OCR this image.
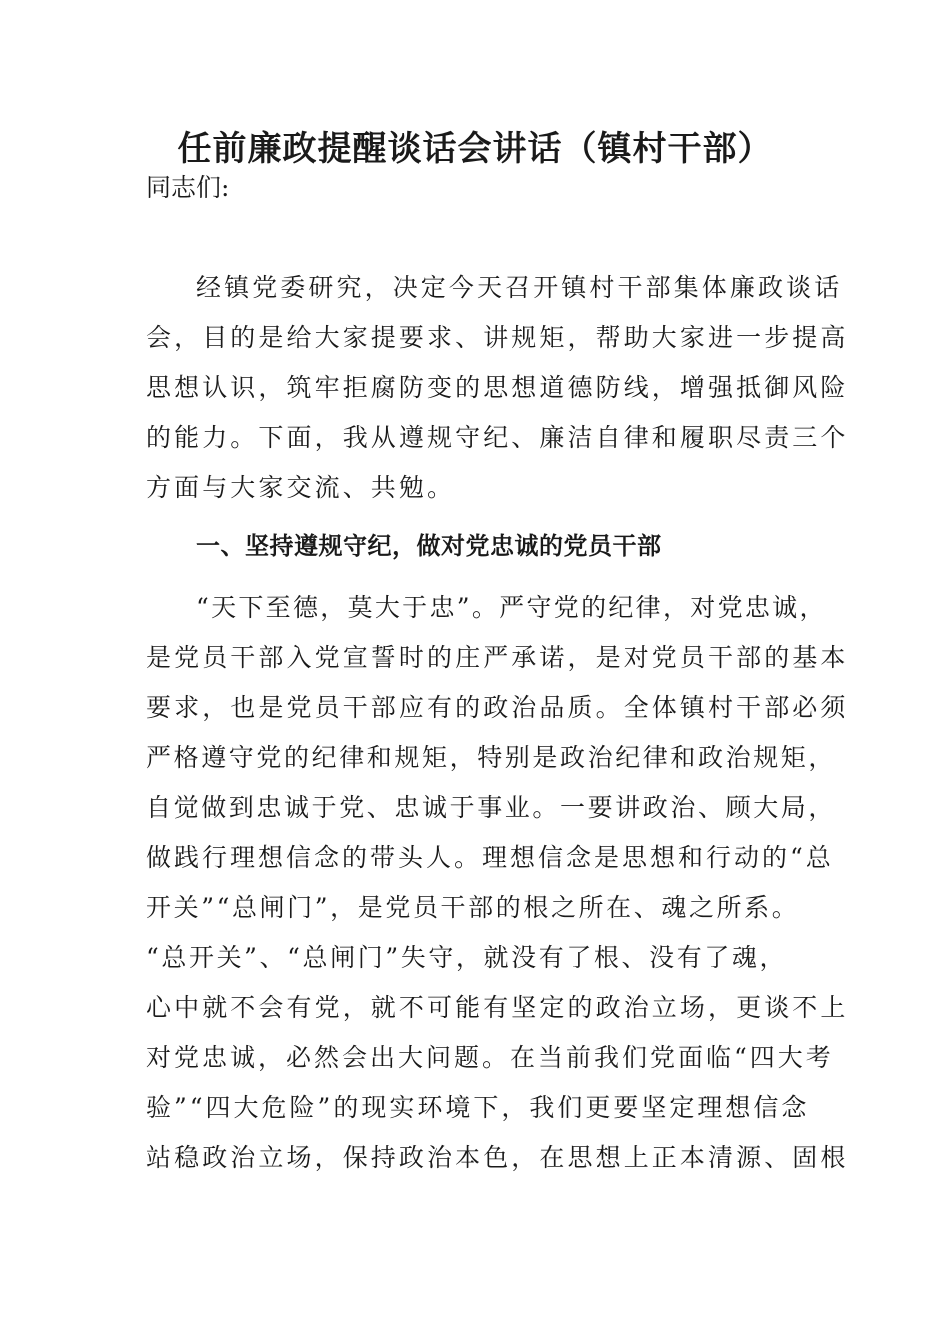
任前廉政提醒谈话会讲话（镇村干部）
同志们:
经镇党委研究，决定今天召开镇村干部集体廉政谈话
会，目的是给大家提要求、讲规矩，帮助大家进一步提高
思想认识，筑牢拒腐防变的思想道德防线，增强抵御风险
的能力。下面，我从遵规守纪、廉洁自律和履职尽责三个
方面与大家交流、共勉。
一、坚持遵规守纪，做对党忠诚的党员干部
“天下至德，莫大于忠”。严守党的纪律，对党忠诚，
是党员干部入党宣誓时的庄严承诺，是对党员干部的基本
要求，也是党员干部应有的政治品质。全体镇村干部必须
严格遵守党的纪律和规矩，特别是政治纪律和政治规矩，
自觉做到忠诚于党、忠诚于事业。一要讲政治、顾大局，
做践行理想信念的带头人。理想信念是思想和行动的“总
开关”“总闸门”，是党员干部的根之所在、魂之所系。
“总开关”、“总闸门”失守，就没有了根、没有了魂，
心中就不会有党，就不可能有坚定的政治立场，更谈不上
对党忠诚，必然会出大问题。在当前我们党面临“四大考
验”“四大危险”的现实环境下，我们更要坚定理想信念
站稳政治立场，保持政治本色，在思想上正本清源、固根
